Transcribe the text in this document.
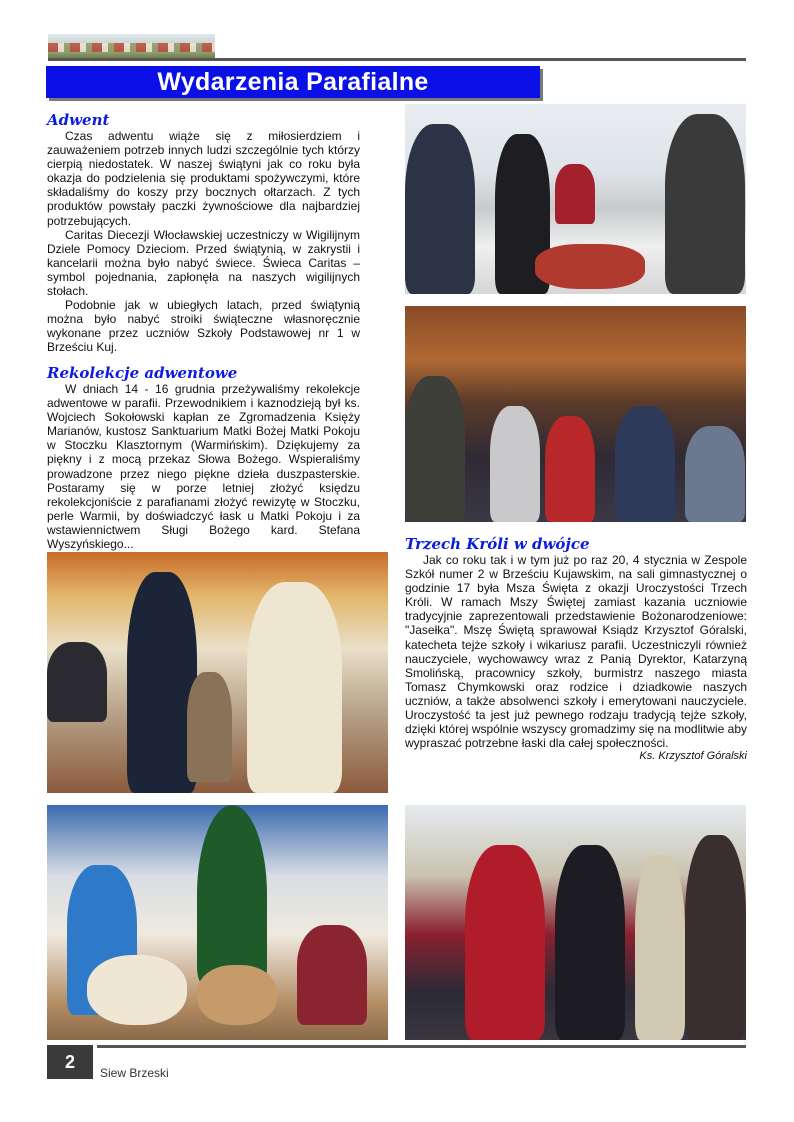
Wydarzenia Parafialne
Adwent

Czas adwentu wiąże się z miłosierdziem i zauważeniem potrzeb innych ludzi szczególnie tych którzy cierpią niedostatek. W naszej świątyni jak co roku była okazja do podzielenia się produktami spożywczymi, które składaliśmy do koszy przy bocznych ołtarzach. Z tych produktów powstały paczki żywnościowe dla najbardziej potrzebujących.

Caritas Diecezji Włocławskiej uczestniczy w Wigilijnym Dziele Pomocy Dzieciom. Przed świątynią, w zakrystii i kancelarii można było nabyć świece. Świeca Caritas – symbol pojednania, zapłonęła na naszych wigilijnych stołach.

Podobnie jak w ubiegłych latach, przed świątynią można było nabyć stroiki świąteczne własnoręcznie wykonane przez uczniów Szkoły Podstawowej nr 1 w Brześciu Kuj.

Rekolekcje adwentowe

W dniach 14 - 16 grudnia przeżywaliśmy rekolekcje adwentowe w parafii. Przewodnikiem i kaznodzieją był ks. Wojciech Sokołowski kapłan ze Zgromadzenia Księży Marianów, kustosz Sanktuarium Matki Bożej Matki Pokoju w Stoczku Klasztornym (Warmińskim). Dziękujemy za piękny i z mocą przekaz Słowa Bożego. Wspieraliśmy prowadzone przez niego piękne dzieła duszpasterskie. Postaramy się w porze letniej złożyć księdzu rekolekcjoniście z parafianami złożyć rewizytę w Stoczku, perle Warmii, by doświadczyć łask u Matki Pokoju i za wstawiennictwem Sługi Bożego kard. Stefana Wyszyńskiego...	Trzech Króli w dwójce

Jak co roku tak i w tym już po raz 20, 4 stycznia w Zespole Szkół numer 2 w Brześciu Kujawskim, na sali gimnastycznej o godzinie 17 była Msza Święta z okazji Uroczystości Trzech Króli. W ramach Mszy Świętej zamiast kazania uczniowie tradycyjnie zaprezentowali przedstawienie Bożonarodzeniowe: "Jasełka". Mszę Świętą sprawował Ksiądz Krzysztof Góralski, katecheta tejże szkoły i wikariusz parafii. Uczestniczyli również nauczyciele, wychowawcy wraz z Panią Dyrektor, Katarzyną Smolińską, pracownicy szkoły, burmistrz naszego miasta Tomasz Chymkowski oraz rodzice i dziadkowie naszych uczniów, a także absolwenci szkoły i emerytowani nauczyciele. Uroczystość ta jest już pewnego rodzaju tradycją tejże szkoły, dzięki której wspólnie wszyscy gromadzimy się na modlitwie aby wypraszać potrzebne łaski dla całej społeczności.

Ks. Krzysztof Góralski
2
Siew Brzeski
